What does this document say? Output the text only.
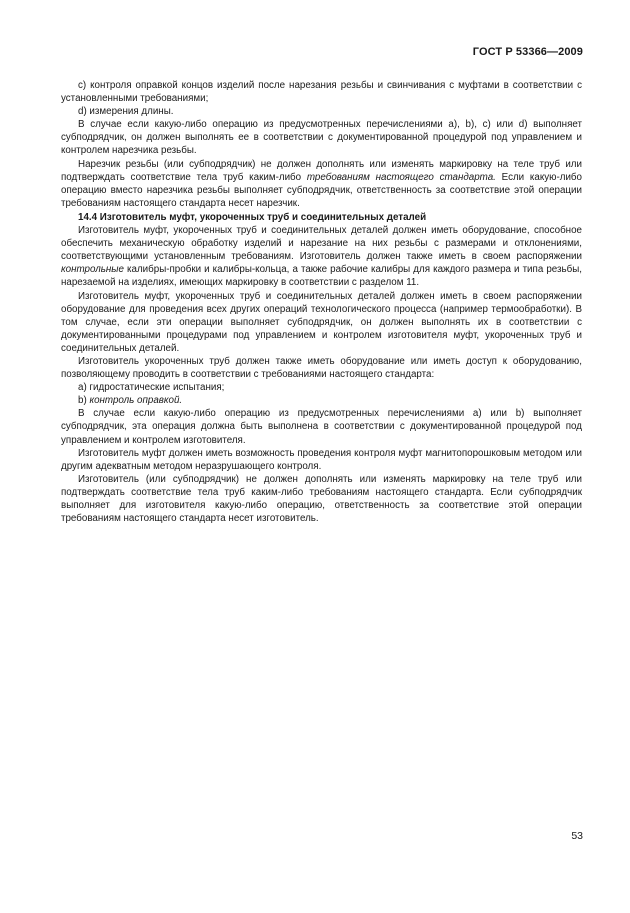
ГОСТ Р 53366—2009

c) контроля оправкой концов изделий после нарезания резьбы и свинчивания с муфтами в соответствии с установленными требованиями;

d) измерения длины.

В случае если какую-либо операцию из предусмотренных перечислениями а), b), с) или d) выполняет субподрядчик, он должен выполнять ее в соответствии с документированной процедурой под управлением и контролем нарезчика резьбы.

Нарезчик резьбы (или субподрядчик) не должен дополнять или изменять маркировку на теле труб или подтверждать соответствие тела труб каким-либо требованиям настоящего стандарта. Если какую-либо операцию вместо нарезчика резьбы выполняет субподрядчик, ответственность за соответствие этой операции требованиям настоящего стандарта несет нарезчик.

14.4 Изготовитель муфт, укороченных труб и соединительных деталей

Изготовитель муфт, укороченных труб и соединительных деталей должен иметь оборудование, способное обеспечить механическую обработку изделий и нарезание на них резьбы с размерами и отклонениями, соответствующими установленным требованиям. Изготовитель должен также иметь в своем распоряжении контрольные калибры-пробки и калибры-кольца, а также рабочие калибры для каждого размера и типа резьбы, нарезаемой на изделиях, имеющих маркировку в соответствии с разделом 11.

Изготовитель муфт, укороченных труб и соединительных деталей должен иметь в своем распоряжении оборудование для проведения всех других операций технологического процесса (например термообработки). В том случае, если эти операции выполняет субподрядчик, он должен выполнять их в соответствии с документированными процедурами под управлением и контролем изготовителя муфт, укороченных труб и соединительных деталей.

Изготовитель укороченных труб должен также иметь оборудование или иметь доступ к оборудованию, позволяющему проводить в соответствии с требованиями настоящего стандарта:

а) гидростатические испытания;

b) контроль оправкой.

В случае если какую-либо операцию из предусмотренных перечислениями а) или b) выполняет субподрядчик, эта операция должна быть выполнена в соответствии с документированной процедурой под управлением и контролем изготовителя.

Изготовитель муфт должен иметь возможность проведения контроля муфт магнитопорошковым методом или другим адекватным методом неразрушающего контроля.

Изготовитель (или субподрядчик) не должен дополнять или изменять маркировку на теле труб или подтверждать соответствие тела труб каким-либо требованиям настоящего стандарта. Если субподрядчик выполняет для изготовителя какую-либо операцию, ответственность за соответствие этой операции требованиям настоящего стандарта несет изготовитель.

53
